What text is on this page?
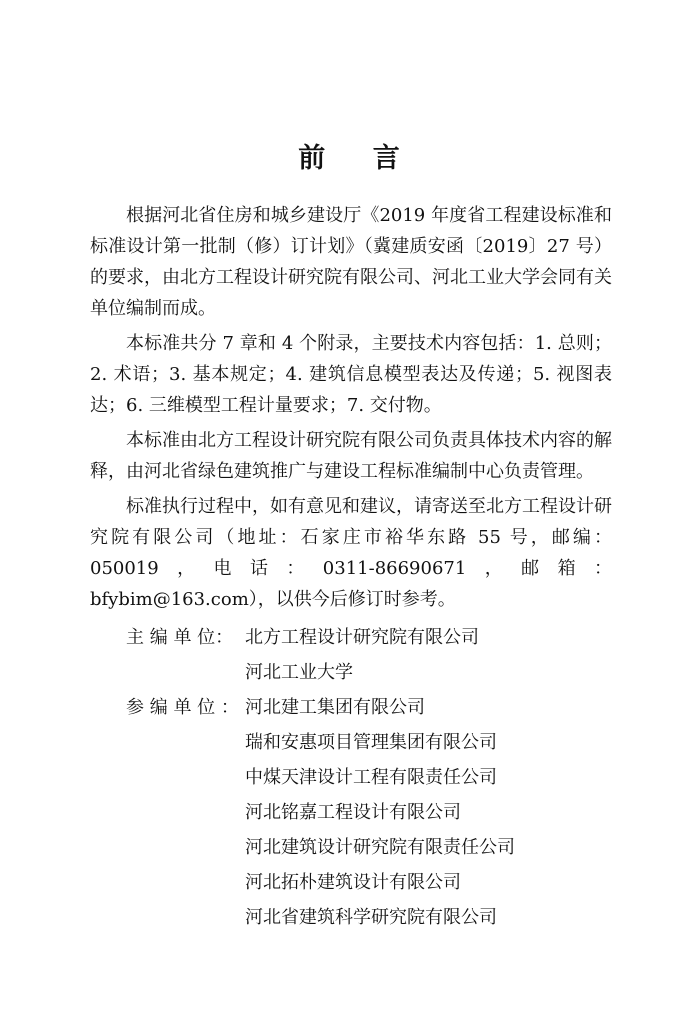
前    言

根据河北省住房和城乡建设厅《2019 年度省工程建设标准和标准设计第一批制（修）订计划》（冀建质安函〔2019〕27 号）的要求，由北方工程设计研究院有限公司、河北工业大学会同有关单位编制而成。

本标准共分 7 章和 4 个附录，主要技术内容包括：1. 总则；2. 术语；3. 基本规定；4. 建筑信息模型表达及传递；5. 视图表达；6. 三维模型工程计量要求；7. 交付物。

本标准由北方工程设计研究院有限公司负责具体技术内容的解释，由河北省绿色建筑推广与建设工程标准编制中心负责管理。

标准执行过程中，如有意见和建议，请寄送至北方工程设计研究院有限公司（地址：石家庄市裕华东路 55 号，邮编：050019，电话：0311-86690671，邮箱：bfybim@163.com），以供今后修订时参考。

主 编 单 位： 北方工程设计研究院有限公司
河北工业大学
参 编 单 位 ： 河北建工集团有限公司
瑞和安惠项目管理集团有限公司
中煤天津设计工程有限责任公司
河北铭嘉工程设计有限公司
河北建筑设计研究院有限责任公司
河北拓朴建筑设计有限公司
河北省建筑科学研究院有限公司
